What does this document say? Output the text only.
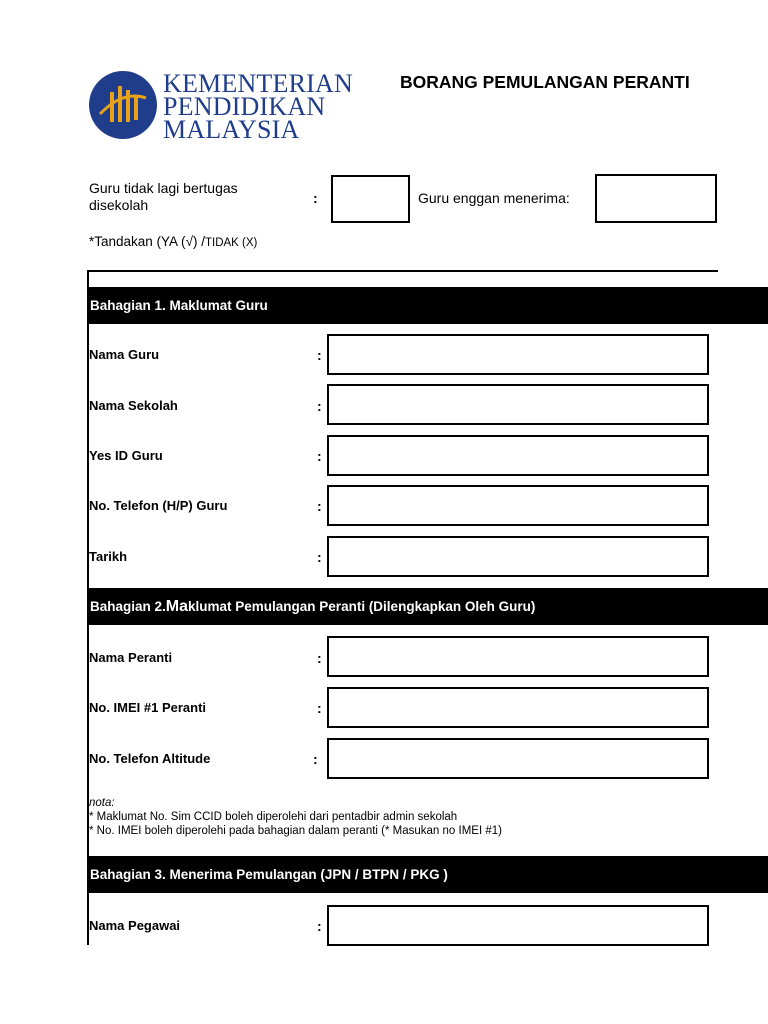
KEMENTERIAN
PENDIDIKAN
MALAYSIA
BORANG PEMULANGAN PERANTI
Guru tidak lagi bertugas
disekolah	:	Guru enggan menerima:
*Tandakan (YA (√) /TIDAK (X)
Bahagian 1. Maklumat Guru
Nama Guru	:
Nama Sekolah	:
Yes ID Guru	:
No. Telefon (H/P) Guru	:
Tarikh	:
Bahagian 2. Ma klumat Pemulangan Peranti (Dilengkapkan Oleh Guru)
Nama Peranti	:
No. IMEI #1 Peranti	:
No. Telefon Altitude	:
nota:
* Maklumat No. Sim CCID boleh diperolehi dari pentadbir admin sekolah
* No. IMEI boleh diperolehi pada bahagian dalam peranti (* Masukan no IMEI #1)
Bahagian 3. Menerima Pemulangan (JPN / BTPN / PKG )
Nama Pegawai	:
